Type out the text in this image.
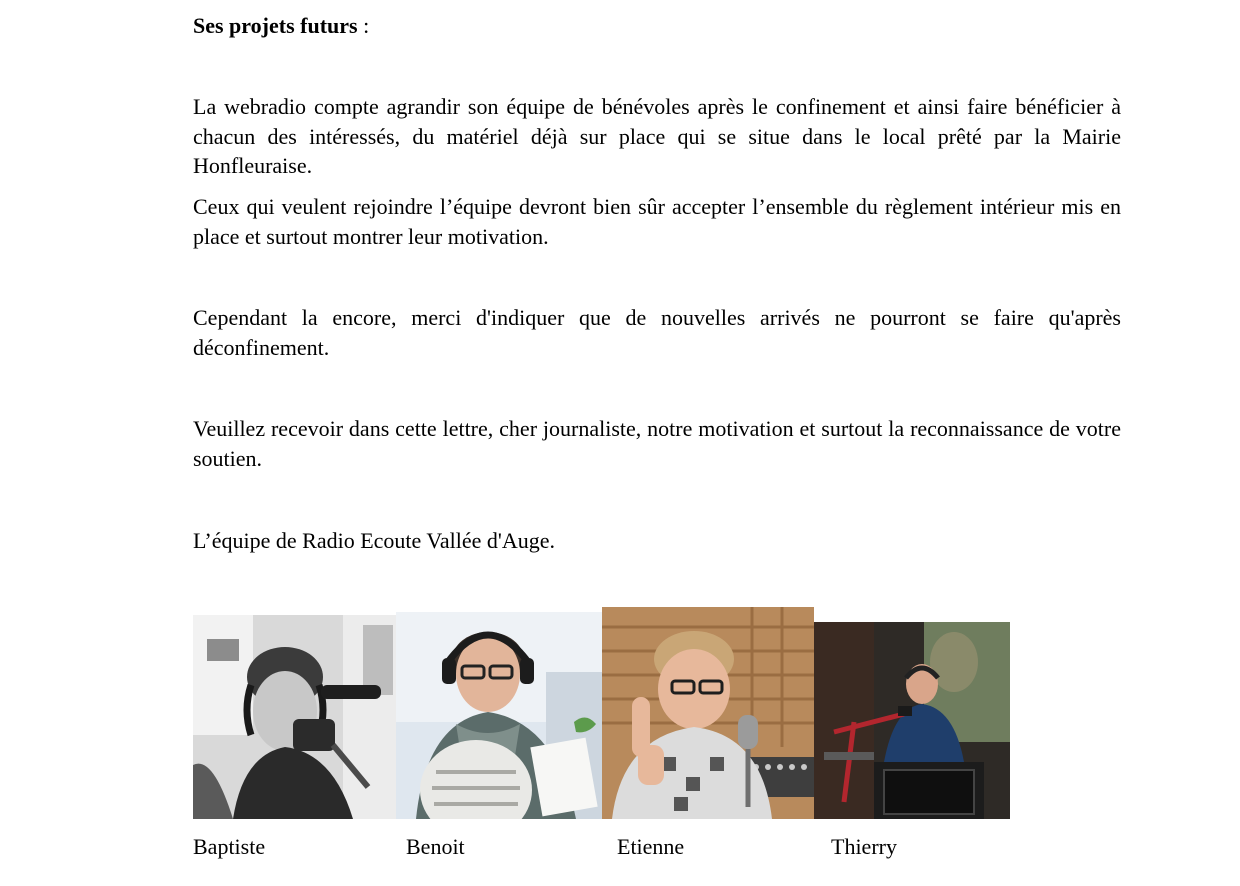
Ses projets futurs :

La webradio compte agrandir son équipe de bénévoles après le confinement et ainsi faire bénéficier à chacun des intéressés, du matériel déjà sur place qui se situe dans le local prêté par la Mairie Honfleuraise.

Ceux qui veulent rejoindre l’équipe devront bien sûr accepter l’ensemble du règlement intérieur mis en place et surtout montrer leur motivation.

Cependant la encore, merci d'indiquer que de nouvelles arrivés ne pourront se faire qu'après déconfinement.

Veuillez recevoir dans cette lettre, cher journaliste, notre motivation et surtout la reconnaissance de votre soutien.

L’équipe de Radio Ecoute Vallée d'Auge.

Baptiste	Benoit	Etienne	Thierry
